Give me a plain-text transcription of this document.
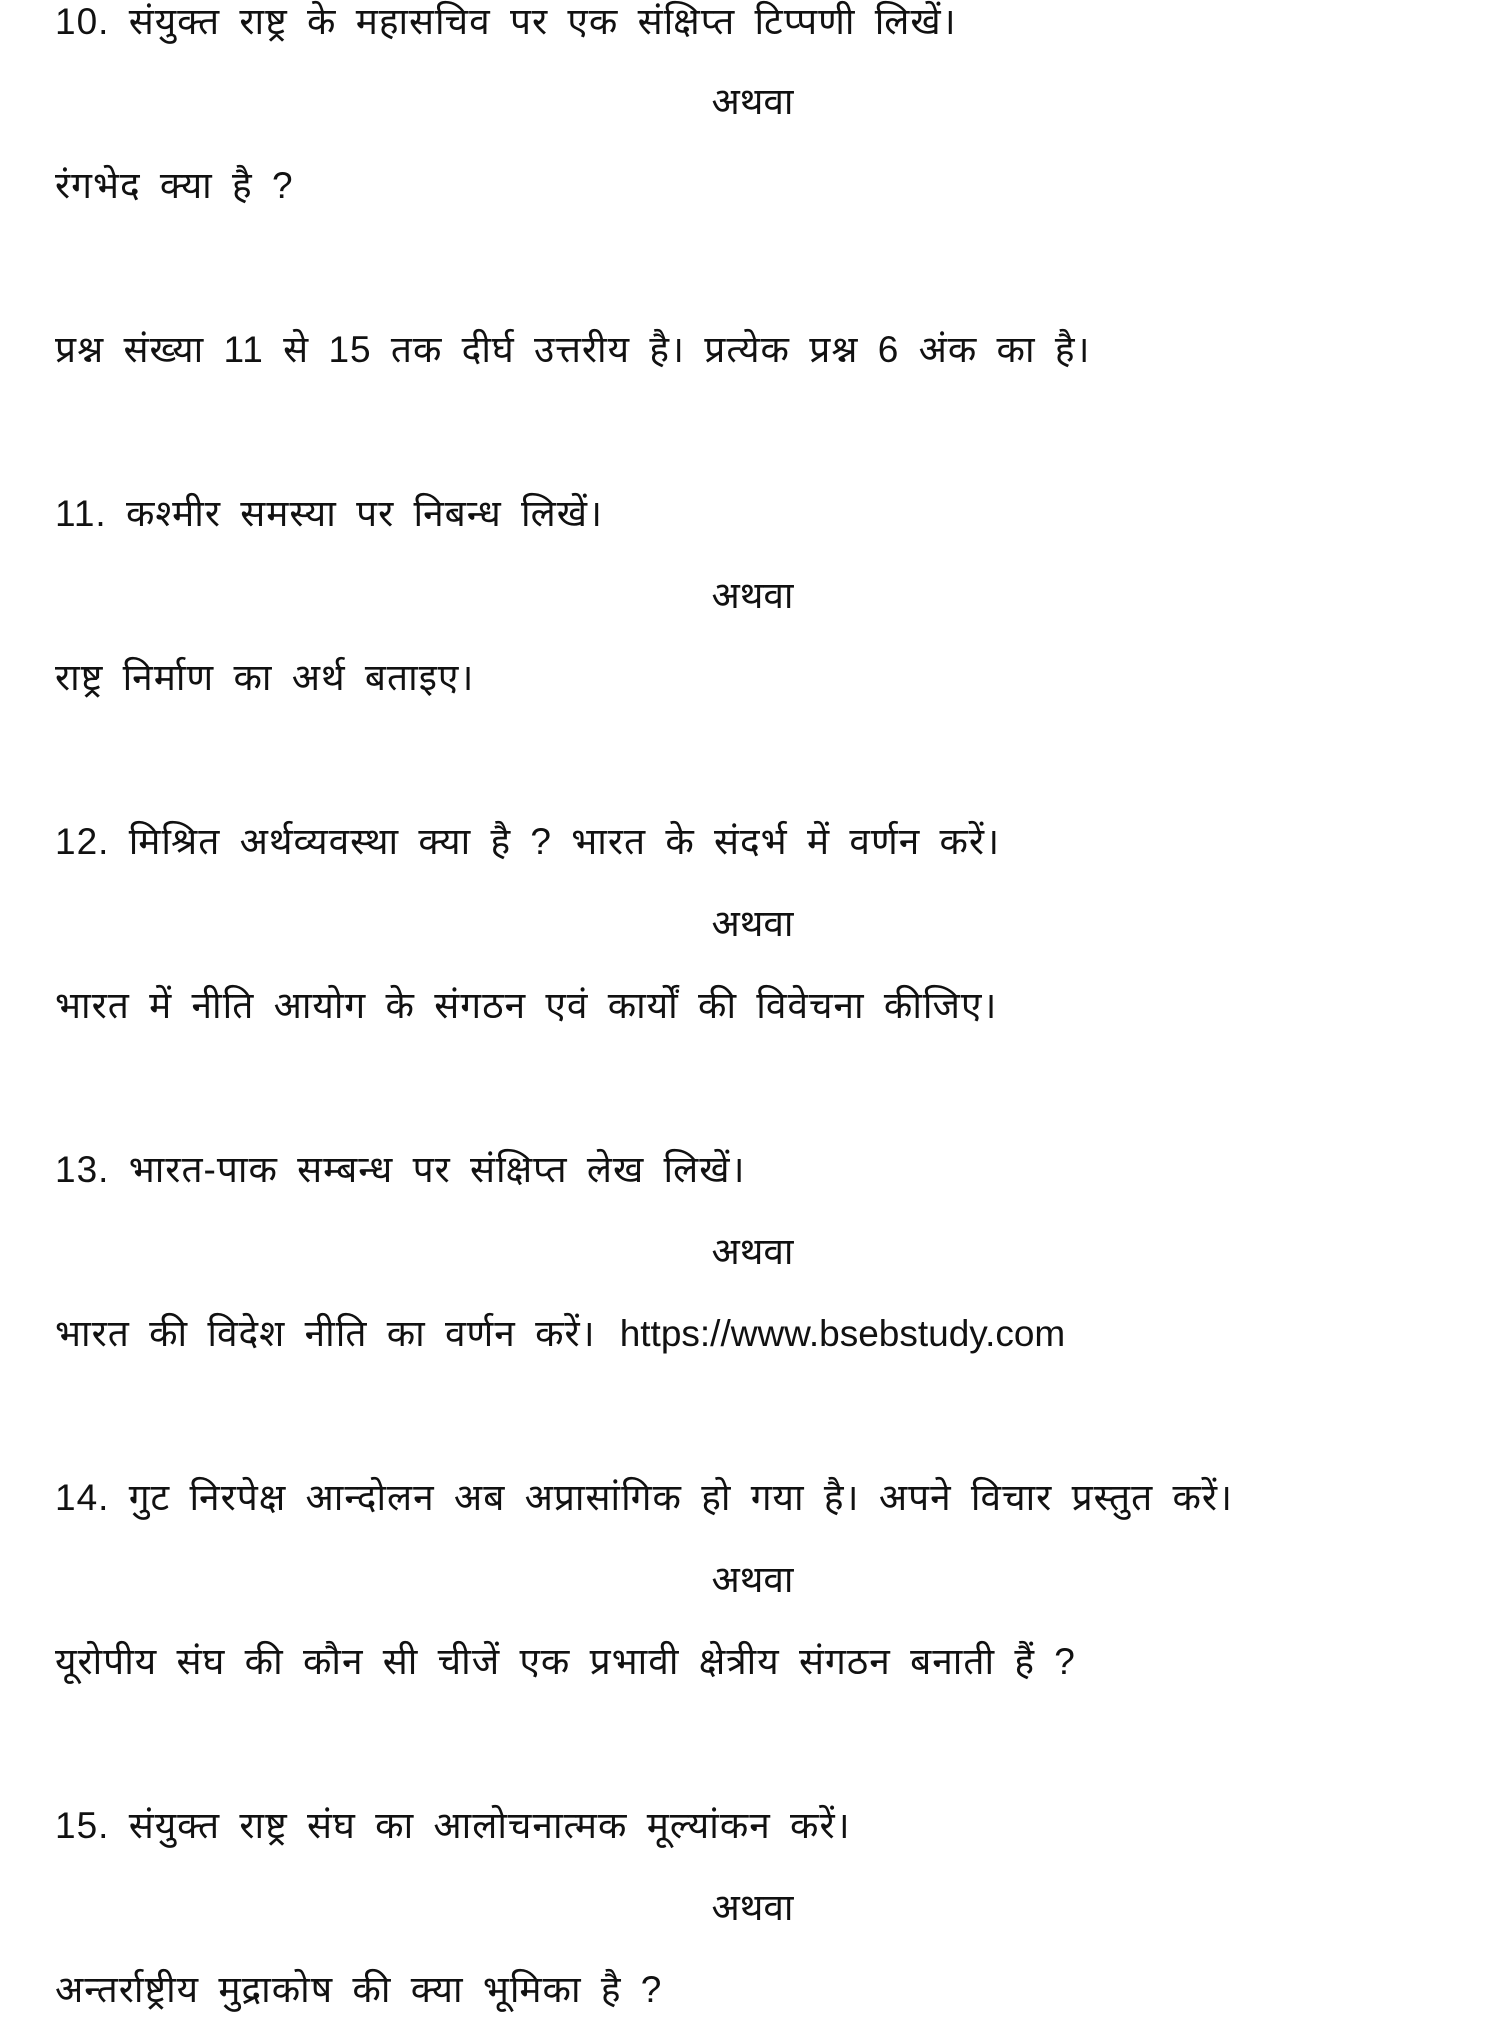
10. संयुक्त राष्ट्र के महासचिव पर एक संक्षिप्त टिप्पणी लिखें।
अथवा
रंगभेद क्या है ?
प्रश्न संख्या 11 से 15 तक दीर्घ उत्तरीय है। प्रत्येक प्रश्न 6 अंक का है।
11. कश्मीर समस्या पर निबन्ध लिखें।
अथवा
राष्ट्र निर्माण का अर्थ बताइए।
12. मिश्रित अर्थव्यवस्था क्या है ? भारत के संदर्भ में वर्णन करें।
अथवा
भारत में नीति आयोग के संगठन एवं कार्यों की विवेचना कीजिए।
13. भारत-पाक सम्बन्ध पर संक्षिप्त लेख लिखें।
अथवा
भारत की विदेश नीति का वर्णन करें। https://www.bsebstudy.com
14. गुट निरपेक्ष आन्दोलन अब अप्रासांगिक हो गया है। अपने विचार प्रस्तुत करें।
अथवा
यूरोपीय संघ की कौन सी चीजें एक प्रभावी क्षेत्रीय संगठन बनाती हैं ?
15. संयुक्त राष्ट्र संघ का आलोचनात्मक मूल्यांकन करें।
अथवा
अन्तर्राष्ट्रीय मुद्राकोष की क्या भूमिका है ?
